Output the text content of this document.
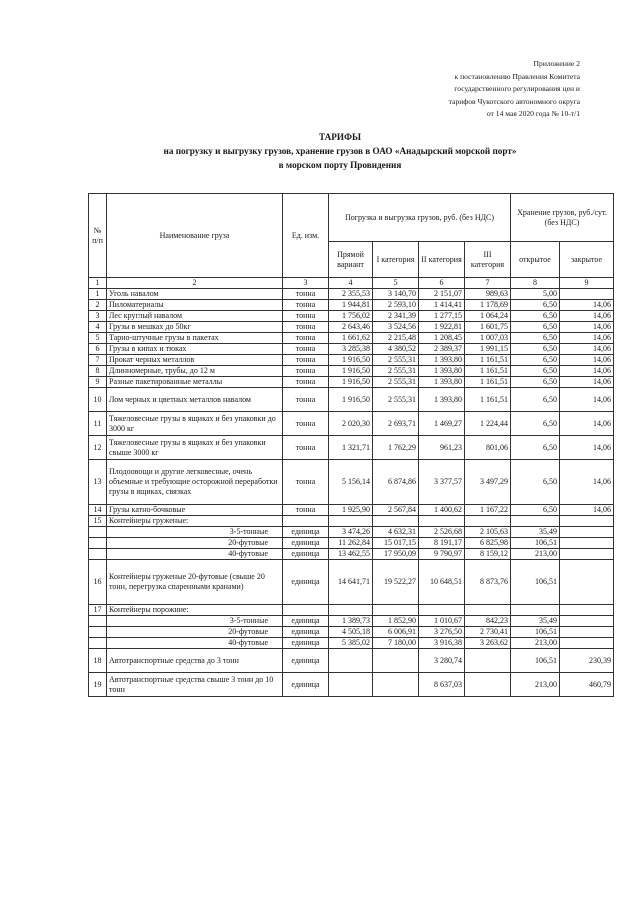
Приложение 2
к постановлению Правления Комитета
государственного регулирования цен и
тарифов Чукотского автономного округа
от 14 мая 2020 года № 10-т/1
ТАРИФЫ
на погрузку и выгрузку грузов, хранение грузов в ОАО «Анадырский морской порт»
в морском порту Провидения
№ п/п	Наименование груза	Ед. изм.	Погрузка и выгрузка грузов, руб. (без НДС)				Хранение грузов, руб./сут. (без НДС)	
			Прямой вариант	I категория	II категория	III категория	открытое	закрытое
1	2	3	4	5	6	7	8	9
1	Уголь навалом	тонна	2 355,53	3 140,70	2 151,07	989,63	5,00	
2	Пиломатериалы	тонна	1 944,81	2 593,10	1 414,41	1 178,69	6,50	14,06
3	Лес круглый навалом	тонна	1 756,02	2 341,39	1 277,15	1 064,24	6,50	14,06
4	Грузы в мешках до 50кг	тонна	2 643,46	3 524,56	1 922,81	1 601,75	6,50	14,06
5	Тарно-штучные грузы в пакетах	тонна	1 661,62	2 215,48	1 208,45	1 007,03	6,50	14,06
6	Грузы в кипах и тюках	тонна	3 285,38	4 380,52	2 389,37	1 991,15	6,50	14,06
7	Прокат черных металлов	тонна	1 916,50	2 555,31	1 393,80	1 161,51	6,50	14,06
8	Длинномерные, трубы, до 12 м	тонна	1 916,50	2 555,31	1 393,80	1 161,51	6,50	14,06
9	Разные пакетированные металлы	тонна	1 916,50	2 555,31	1 393,80	1 161,51	6,50	14,06
10	Лом черных и цветных металлов навалом	тонна	1 916,50	2 555,31	1 393,80	1 161,51	6,50	14,06
11	Тяжеловесные грузы в ящиках и без упаковки до 3000 кг	тонна	2 020,30	2 693,71	1 469,27	1 224,44	6,50	14,06
12	Тяжеловесные грузы в ящиках и без упаковки свыше 3000 кг	тонна	1 321,71	1 762,29	961,23	801,06	6,50	14,06
13	Плодоовощи и другие легковесные, очень объемные и требующие осторожной переработки грузы в ящиках, связках	тонна	5 156,14	6 874,86	3 377,57	3 497,29	6,50	14,06
14	Грузы катно-бочковые	тонна	1 925,90	2 567,84	1 400,62	1 167,22	6,50	14,06
15	Контейнеры груженые:							
	3-5-тонные	единица	3 474,26	4 632,31	2 526,68	2 105,63	35,49	
	20-футовые	единица	11 262,84	15 017,15	8 191,17	6 825,98	106,51	
	40-футовые	единица	13 462,55	17 950,09	9 790,97	8 159,12	213,00	
16	Контейнеры груженые 20-футовые (свыше 20 тонн, перегрузка спаренными кранами)	единица	14 641,71	19 522,27	10 648,51	8 873,76	106,51	
17	Контейнеры порожние:							
	3-5-тонные	единица	1 389,73	1 852,90	1 010,67	842,23	35,49	
	20-футовые	единица	4 505,18	6 006,91	3 276,50	2 730,41	106,51	
	40-футовые	единица	5 385,02	7 180,00	3 916,38	3 263,62	213,00	
18	Автотранспортные средства до 3 тонн	единица			3 280,74		106,51	230,39
19	Автотранспортные средства свыше 3 тонн до 10 тонн	единица			8 637,03		213,00	460,79
